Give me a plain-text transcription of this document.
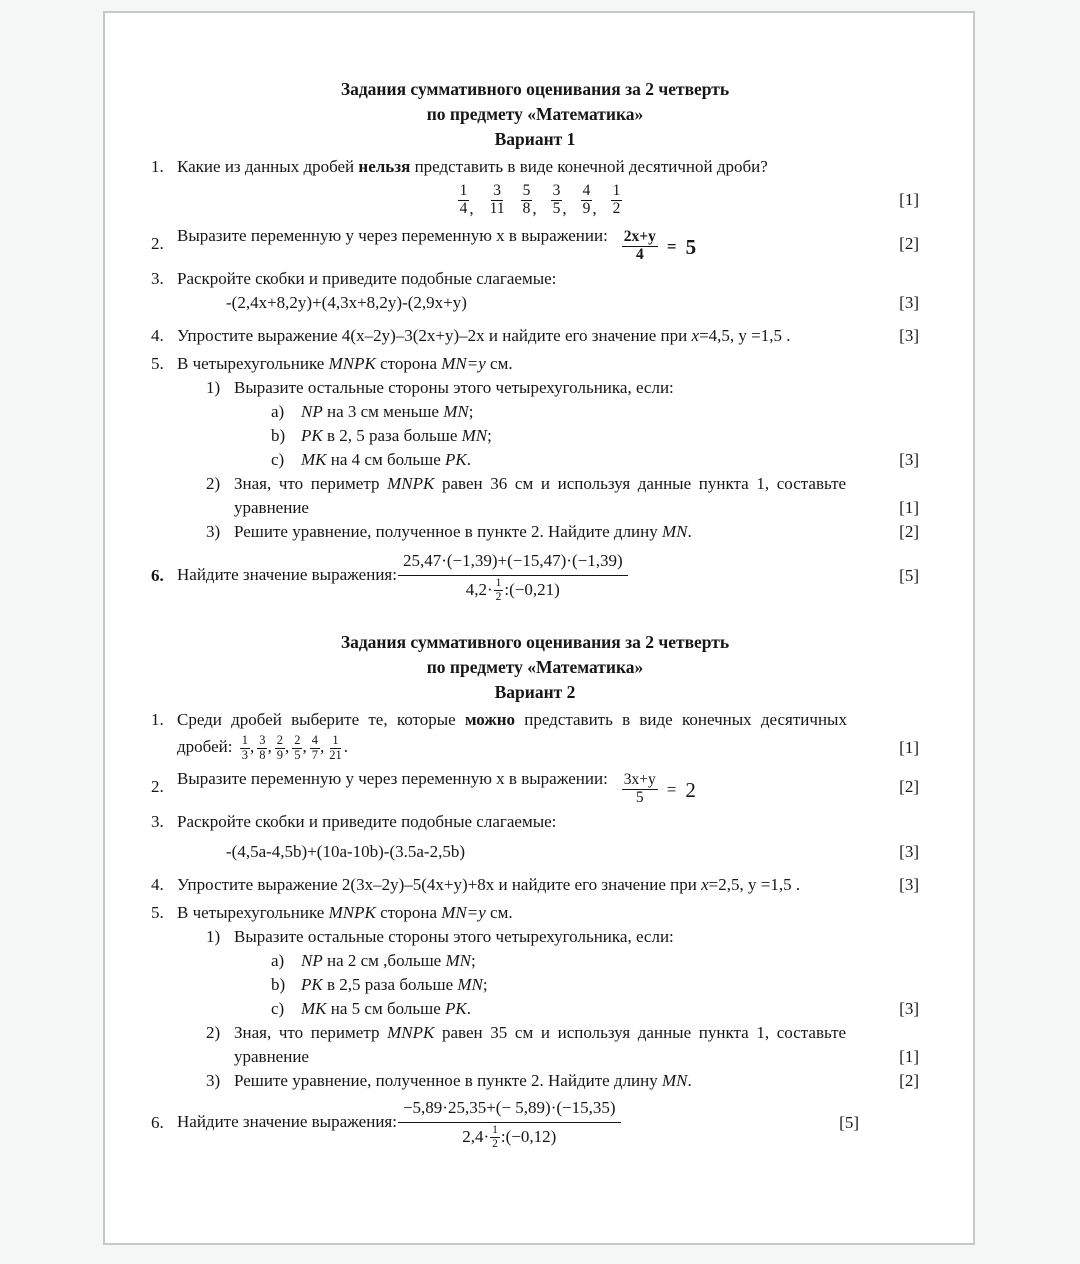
Задания суммативного оценивания за 2 четверть
по предмету «Математика»
Вариант 1
1. Какие из данных дробей нельзя представить в виде конечной десятичной дроби?
$\frac{1}{4}$ , $\frac{3}{11} \frac{5}{8}$ , $\frac{3}{5}$ , $\frac{4}{9}$ , $\frac{1}{2}$	[1]
2. Выразите переменную у через переменную х в выражении: $\frac{2x+y}{4} = 5$	[2]
3. Раскройте скобки и приведите подобные слагаемые:
-(2,4x+8,2y)+(4,3x+8,2y)-(2,9x+y)	[3]
4. Упростите выражение 4(x–2y)–3(2x+y)–2x и найдите его значение при x=4,5, y =1,5 .	[3]
5. В четырехугольнике MNPK сторона MN=y см.
1) Выразите остальные стороны этого четырехугольника, если:
a) NP на 3 см меньше MN;
b) PK в 2, 5 раза больше MN;
c) MK на 4 см больше PK.	[3]
2) Зная, что периметр MNPK равен 36 см и используя данные пункта 1, составьте
уравнение	[1]
3) Решите уравнение, полученное в пункте 2. Найдите длину MN.	[2]
6. Найдите значение выражения: $\frac{25,47\cdot(-1,39)+(-15,47)\cdot(-1,39)}{4,2\cdot \frac{1}{2} :(-0,21)}$	[5]
Задания суммативного оценивания за 2 четверть
по предмету «Математика»
Вариант 2
1. Среди дробей выберите те, которые можно представить в виде конечных десятичных
дробей: $\frac{1}{3}$ , $\frac{3}{8}$ , $\frac{2}{9}$ , $\frac{2}{5}$ , $\frac{4}{7}$ , $\frac{1}{21}$ .	[1]
2. Выразите переменную у через переменную х в выражении: $\frac{3x+y}{5} = 2$	[2]
3. Раскройте скобки и приведите подобные слагаемые:
-(4,5a-4,5b)+(10a-10b)-(3.5a-2,5b)	[3]
4. Упростите выражение 2(3x–2y)–5(4x+y)+8x и найдите его значение при x=2,5, y =1,5 .	[3]
5. В четырехугольнике MNPK сторона MN=y см.
1) Выразите остальные стороны этого четырехугольника, если:
a) NP на 2 см ,больше MN;
b) PK в 2,5 раза больше MN;
c) MK на 5 см больше PK.	[3]
2) Зная, что периметр MNPK равен 35 см и используя данные пункта 1, составьте
уравнение	[1]
3) Решите уравнение, полученное в пункте 2. Найдите длину MN.	[2]
6. Найдите значение выражения: $\frac{-5,89\cdot 25,35+(- 5,89)\cdot(-15,35)}{2,4\cdot \frac{1}{2} :(-0,12)}$	[5]
